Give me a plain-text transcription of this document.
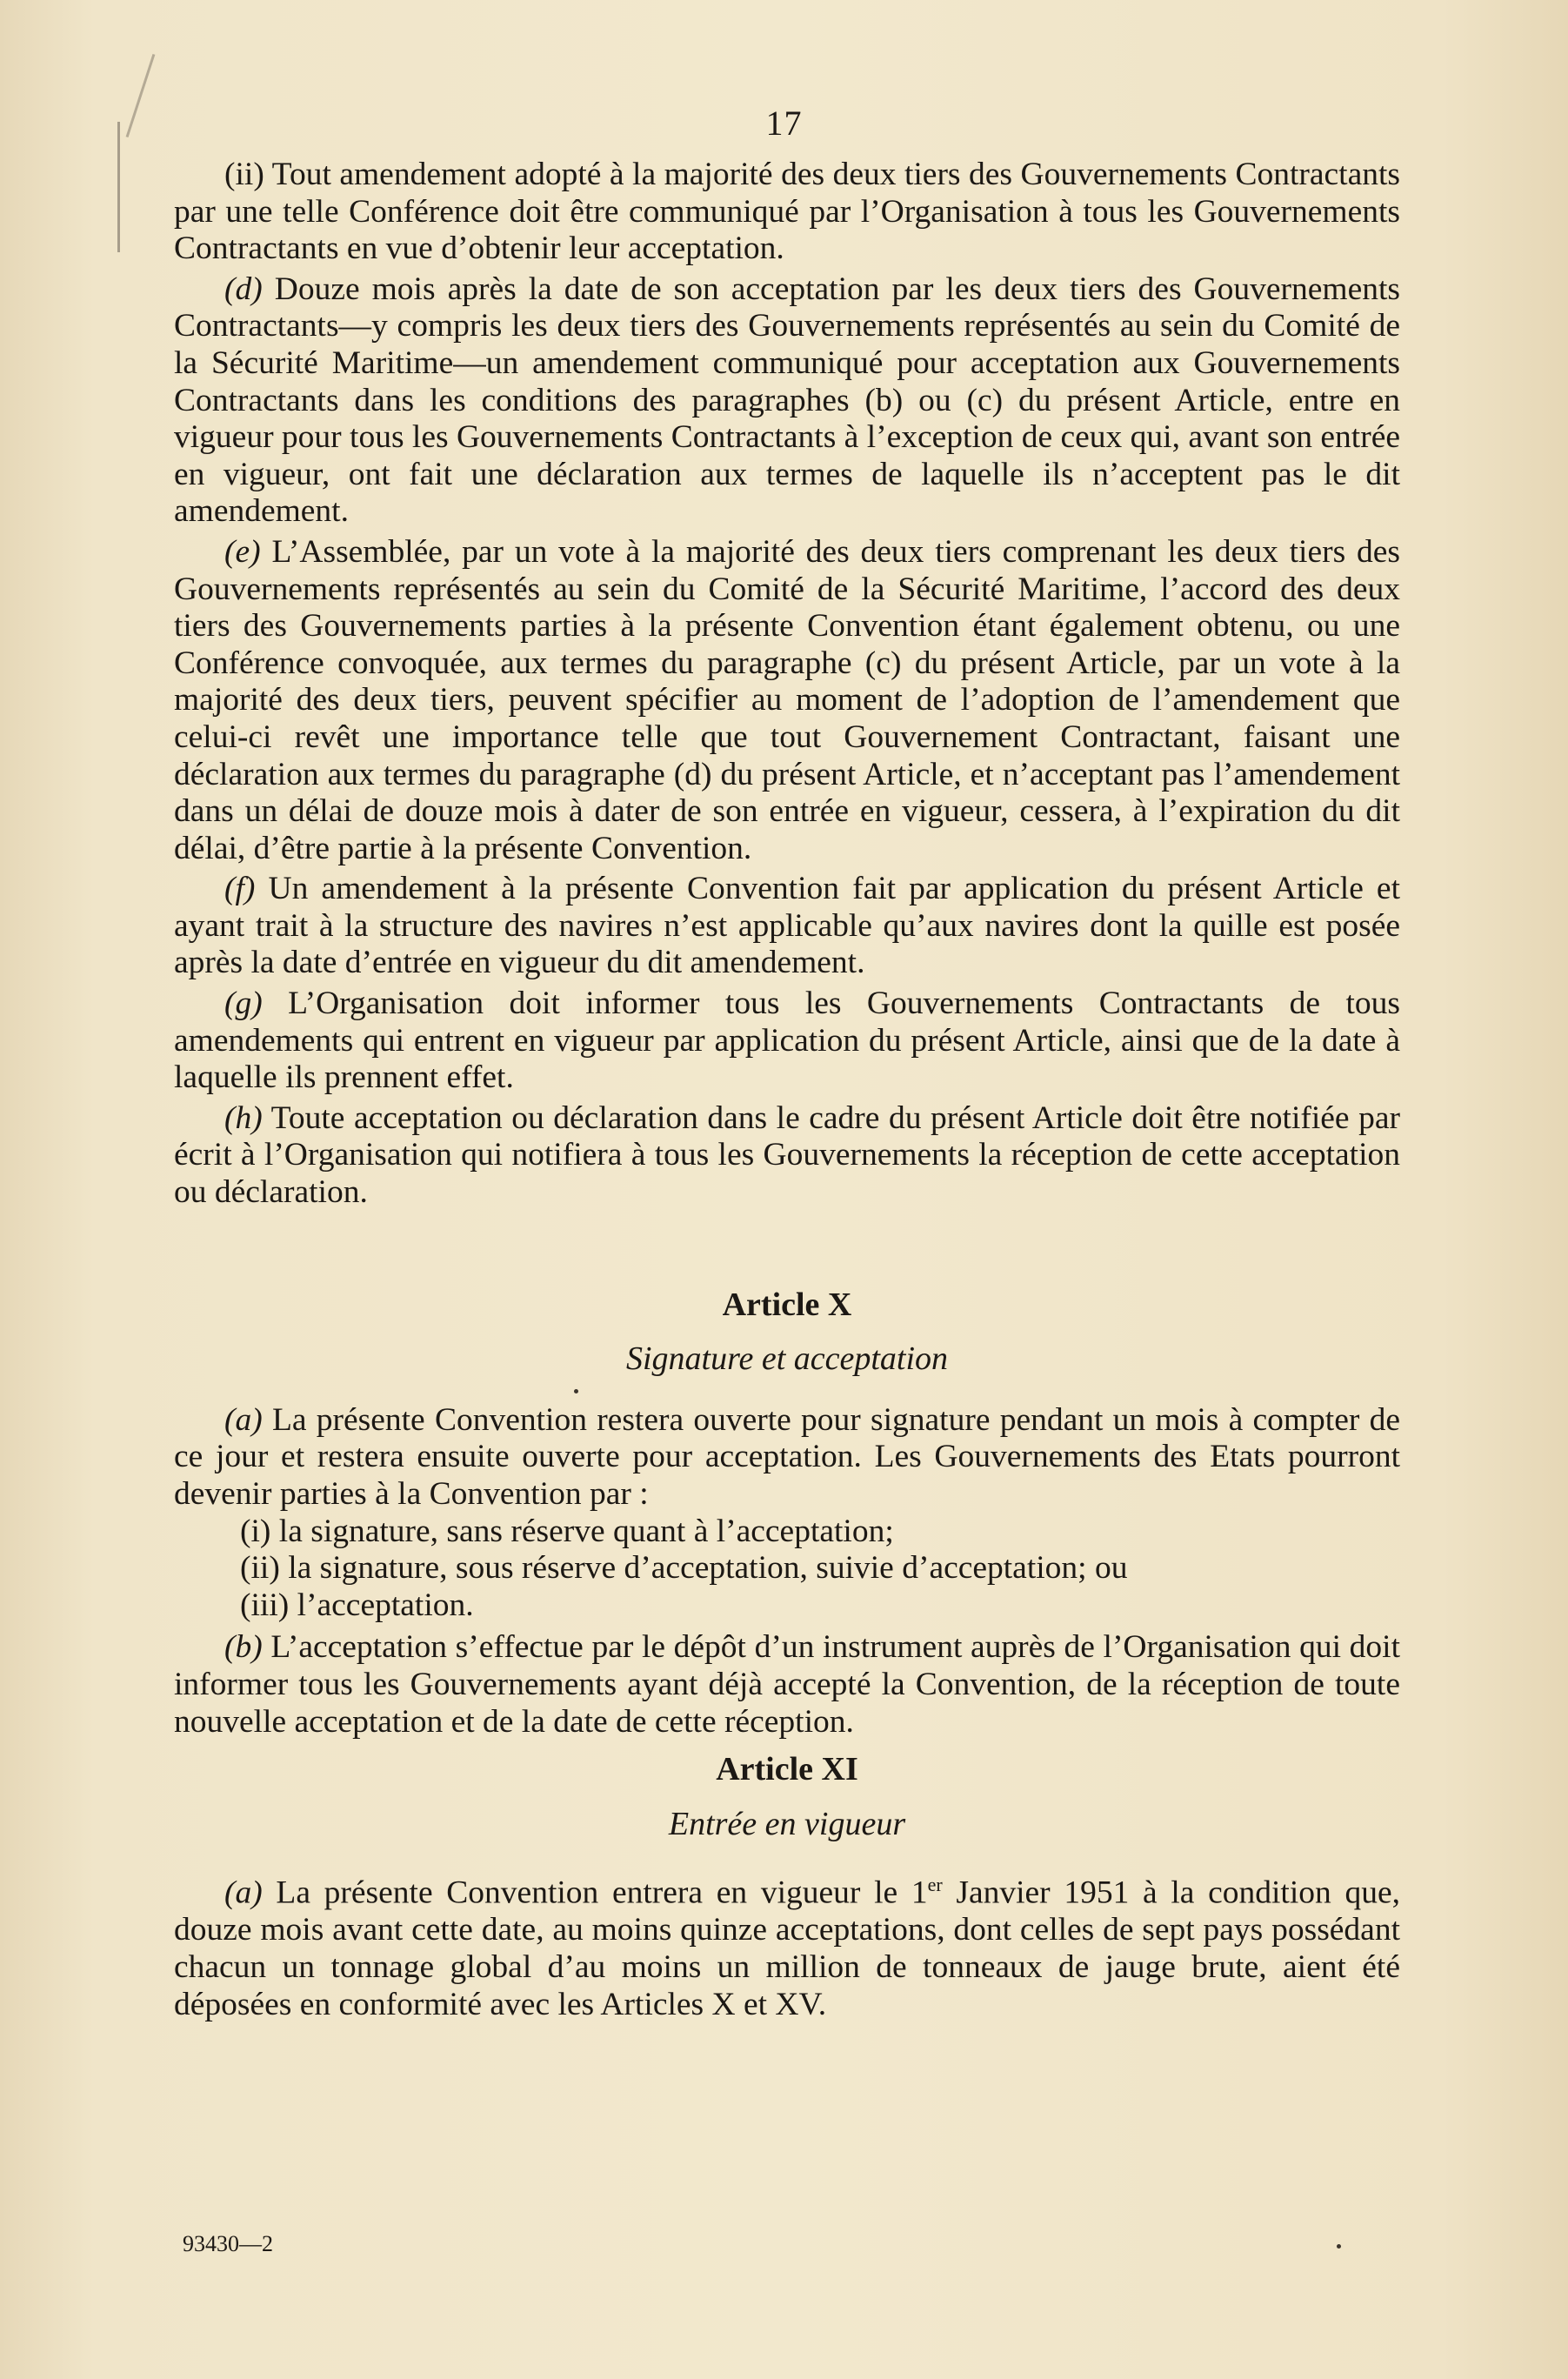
17

(ii) Tout amendement adopté à la majorité des deux tiers des Gouvernements Contractants par une telle Conférence doit être communiqué par l’Organisation à tous les Gouvernements Contractants en vue d’obtenir leur acceptation.

(d) Douze mois après la date de son acceptation par les deux tiers des Gouvernements Contractants—y compris les deux tiers des Gouvernements représentés au sein du Comité de la Sécurité Maritime—un amendement communiqué pour acceptation aux Gouvernements Contractants dans les conditions des paragraphes (b) ou (c) du présent Article, entre en vigueur pour tous les Gouvernements Contractants à l’exception de ceux qui, avant son entrée en vigueur, ont fait une déclaration aux termes de laquelle ils n’acceptent pas le dit amendement.

(e) L’Assemblée, par un vote à la majorité des deux tiers comprenant les deux tiers des Gouvernements représentés au sein du Comité de la Sécurité Maritime, l’accord des deux tiers des Gouvernements parties à la présente Convention étant également obtenu, ou une Conférence convoquée, aux termes du paragraphe (c) du présent Article, par un vote à la majorité des deux tiers, peuvent spécifier au moment de l’adoption de l’amendement que celui-ci revêt une importance telle que tout Gouvernement Contractant, faisant une déclaration aux termes du paragraphe (d) du présent Article, et n’acceptant pas l’amendement dans un délai de douze mois à dater de son entrée en vigueur, cessera, à l’expiration du dit délai, d’être partie à la présente Convention.

(f) Un amendement à la présente Convention fait par application du présent Article et ayant trait à la structure des navires n’est applicable qu’aux navires dont la quille est posée après la date d’entrée en vigueur du dit amendement.

(g) L’Organisation doit informer tous les Gouvernements Contractants de tous amendements qui entrent en vigueur par application du présent Article, ainsi que de la date à laquelle ils prennent effet.

(h) Toute acceptation ou déclaration dans le cadre du présent Article doit être notifiée par écrit à l’Organisation qui notifiera à tous les Gouvernements la réception de cette acceptation ou déclaration.

Article X
Signature et acceptation

(a) La présente Convention restera ouverte pour signature pendant un mois à compter de ce jour et restera ensuite ouverte pour acceptation. Les Gouvernements des Etats pourront devenir parties à la Convention par :

(i) la signature, sans réserve quant à l’acceptation;

(ii) la signature, sous réserve d’acceptation, suivie d’acceptation; ou

(iii) l’acceptation.

(b) L’acceptation s’effectue par le dépôt d’un instrument auprès de l’Organisation qui doit informer tous les Gouvernements ayant déjà accepté la Convention, de la réception de toute nouvelle acceptation et de la date de cette réception.

Article XI
Entrée en vigueur

(a) La présente Convention entrera en vigueur le 1er Janvier 1951 à la condition que, douze mois avant cette date, au moins quinze acceptations, dont celles de sept pays possédant chacun un tonnage global d’au moins un million de tonneaux de jauge brute, aient été déposées en conformité avec les Articles X et XV.

93430—2
